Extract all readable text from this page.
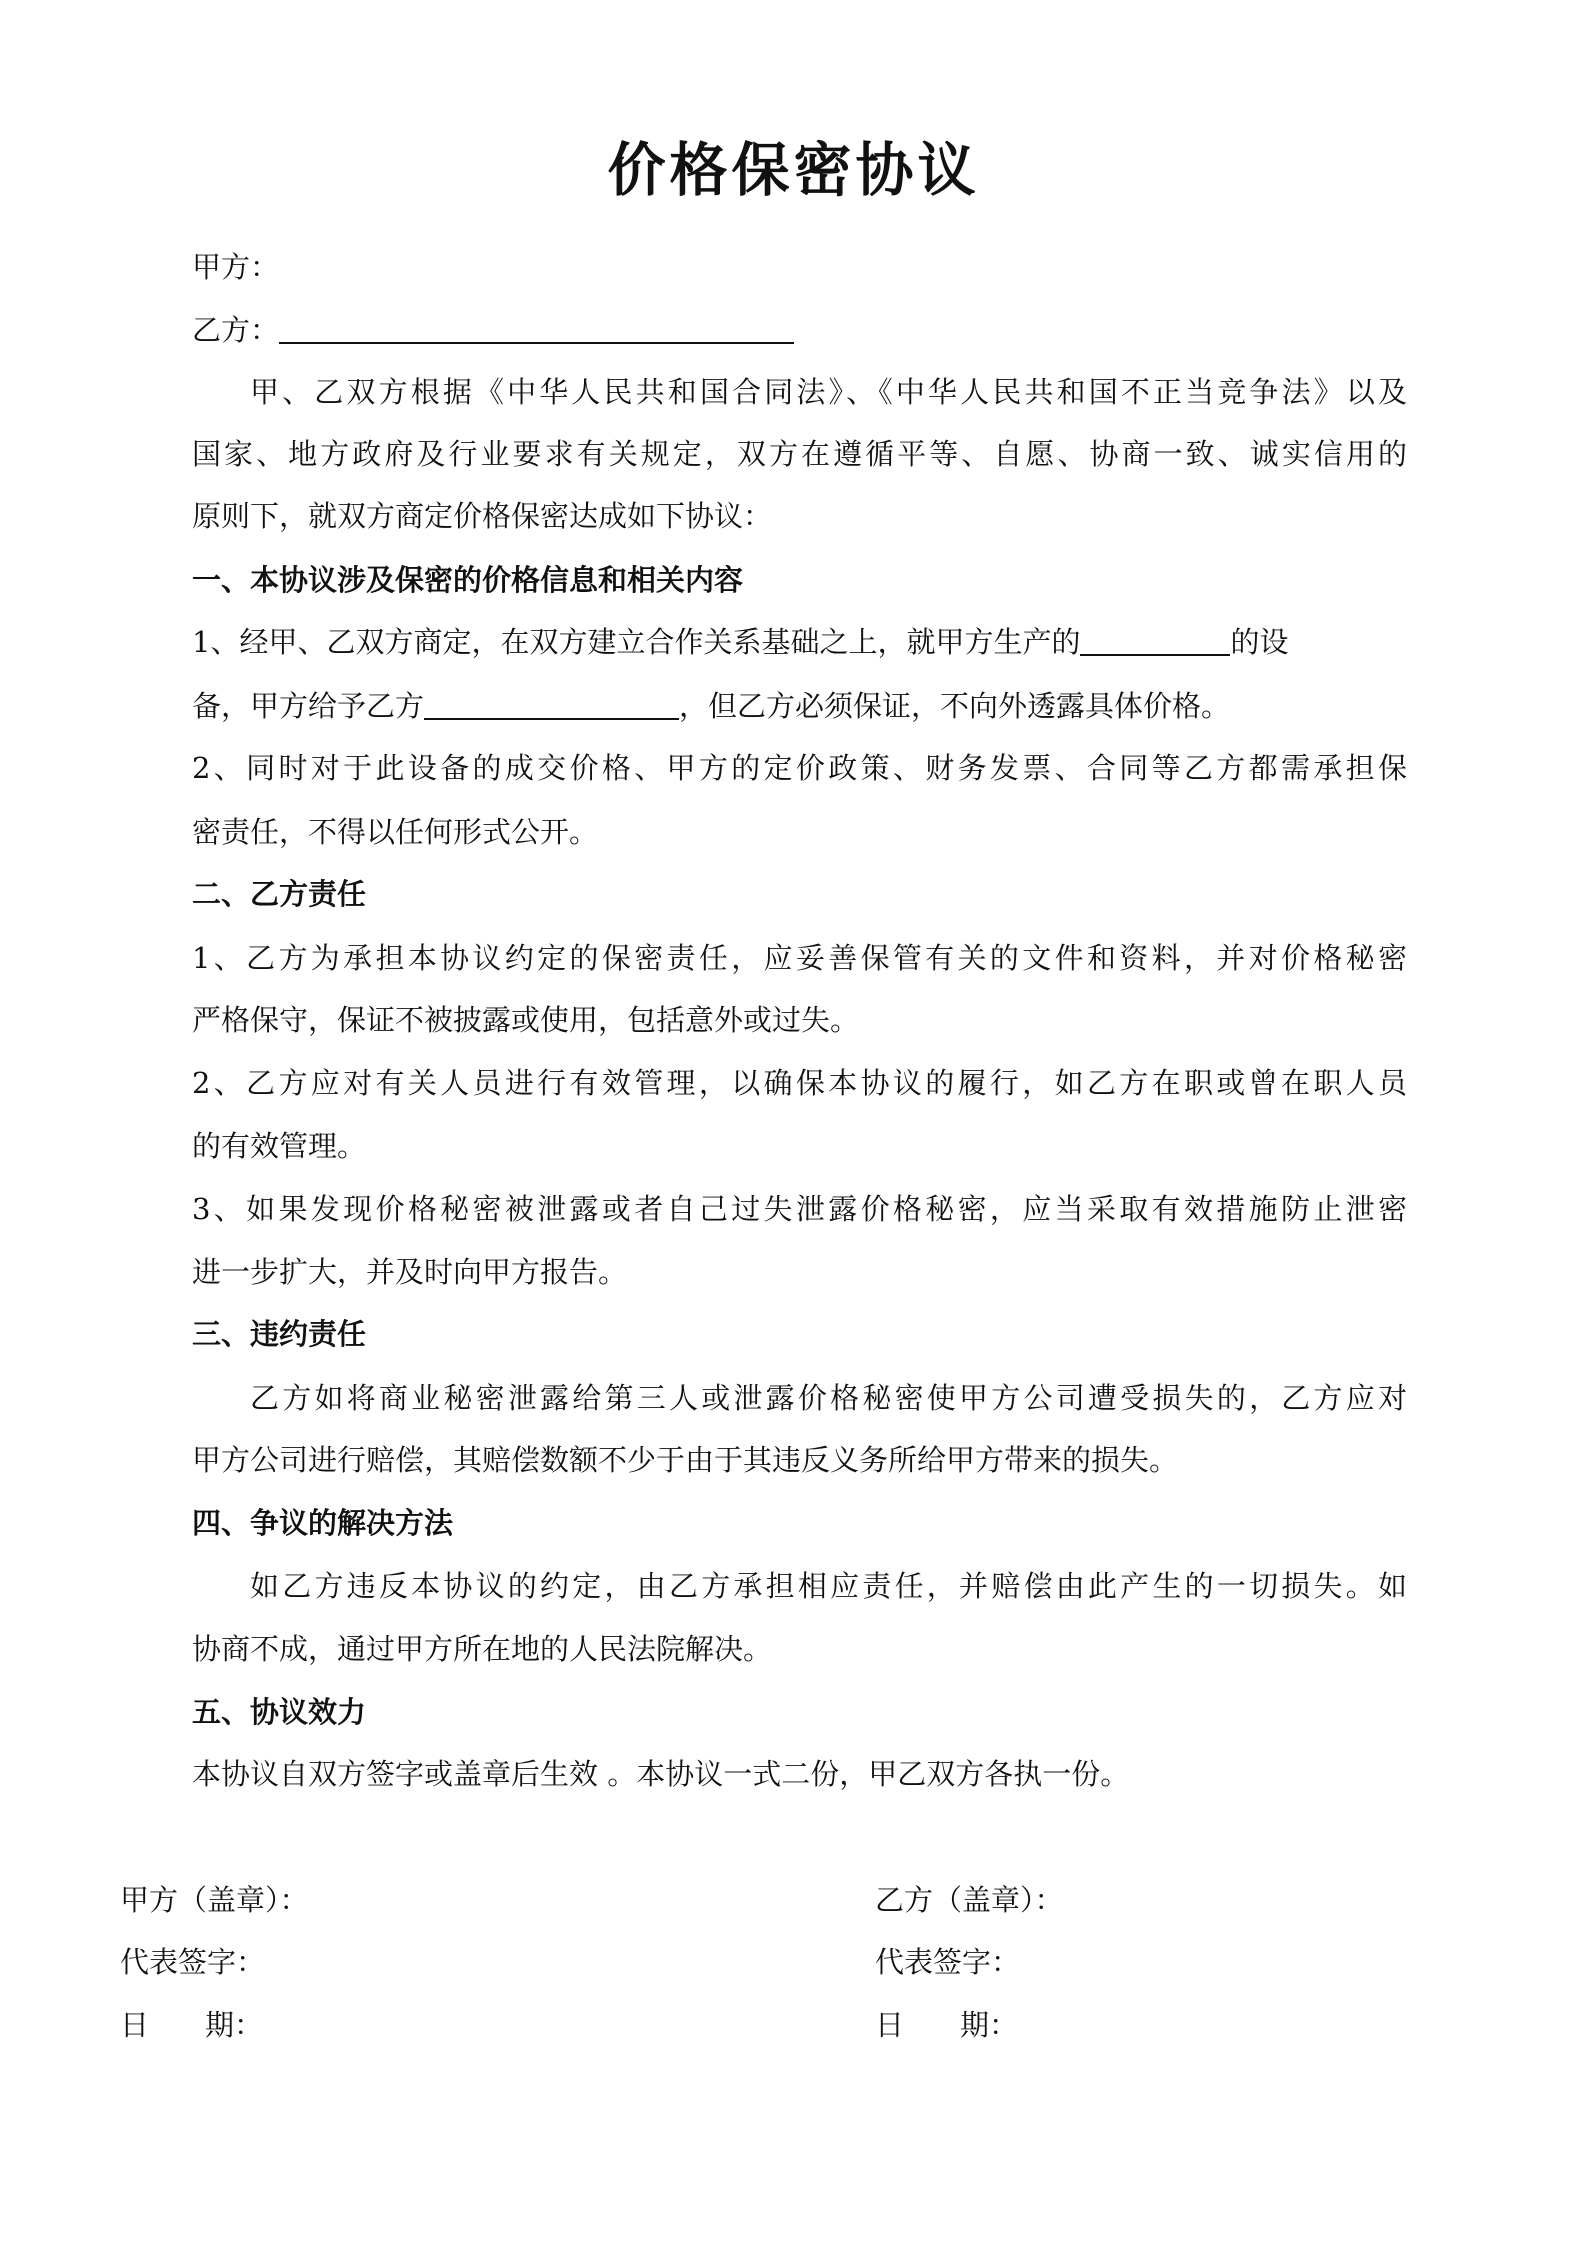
价格保密协议

甲方：

乙方：

甲、乙双方根据《中华人民共和国合同法》、《中华人民共和国不正当竞争法》以及

国家、地方政府及行业要求有关规定，双方在遵循平等、自愿、协商一致、诚实信用的

原则下，就双方商定价格保密达成如下协议：

一、本协议涉及保密的价格信息和相关内容

1、经甲、乙双方商定，在双方建立合作关系基础之上，就甲方生产的	的设

备，甲方给予乙方	，但乙方必须保证，不向外透露具体价格。

2、同时对于此设备的成交价格、甲方的定价政策、财务发票、合同等乙方都需承担保

密责任，不得以任何形式公开。

二、乙方责任

1、乙方为承担本协议约定的保密责任，应妥善保管有关的文件和资料，并对价格秘密

严格保守，保证不被披露或使用，包括意外或过失。

2、乙方应对有关人员进行有效管理，以确保本协议的履行，如乙方在职或曾在职人员

的有效管理。

3、如果发现价格秘密被泄露或者自己过失泄露价格秘密，应当采取有效措施防止泄密

进一步扩大，并及时向甲方报告。

三、违约责任

乙方如将商业秘密泄露给第三人或泄露价格秘密使甲方公司遭受损失的，乙方应对

甲方公司进行赔偿，其赔偿数额不少于由于其违反义务所给甲方带来的损失。

四、争议的解决方法

如乙方违反本协议的约定，由乙方承担相应责任，并赔偿由此产生的一切损失。如

协商不成，通过甲方所在地的人民法院解决。

五、协议效力

本协议自双方签字或盖章后生效 。本协议一式二份，甲乙双方各执一份。

甲方（盖章）：	乙方（盖章）：

代表签字：	代表签字：

日 期：	日 期：
